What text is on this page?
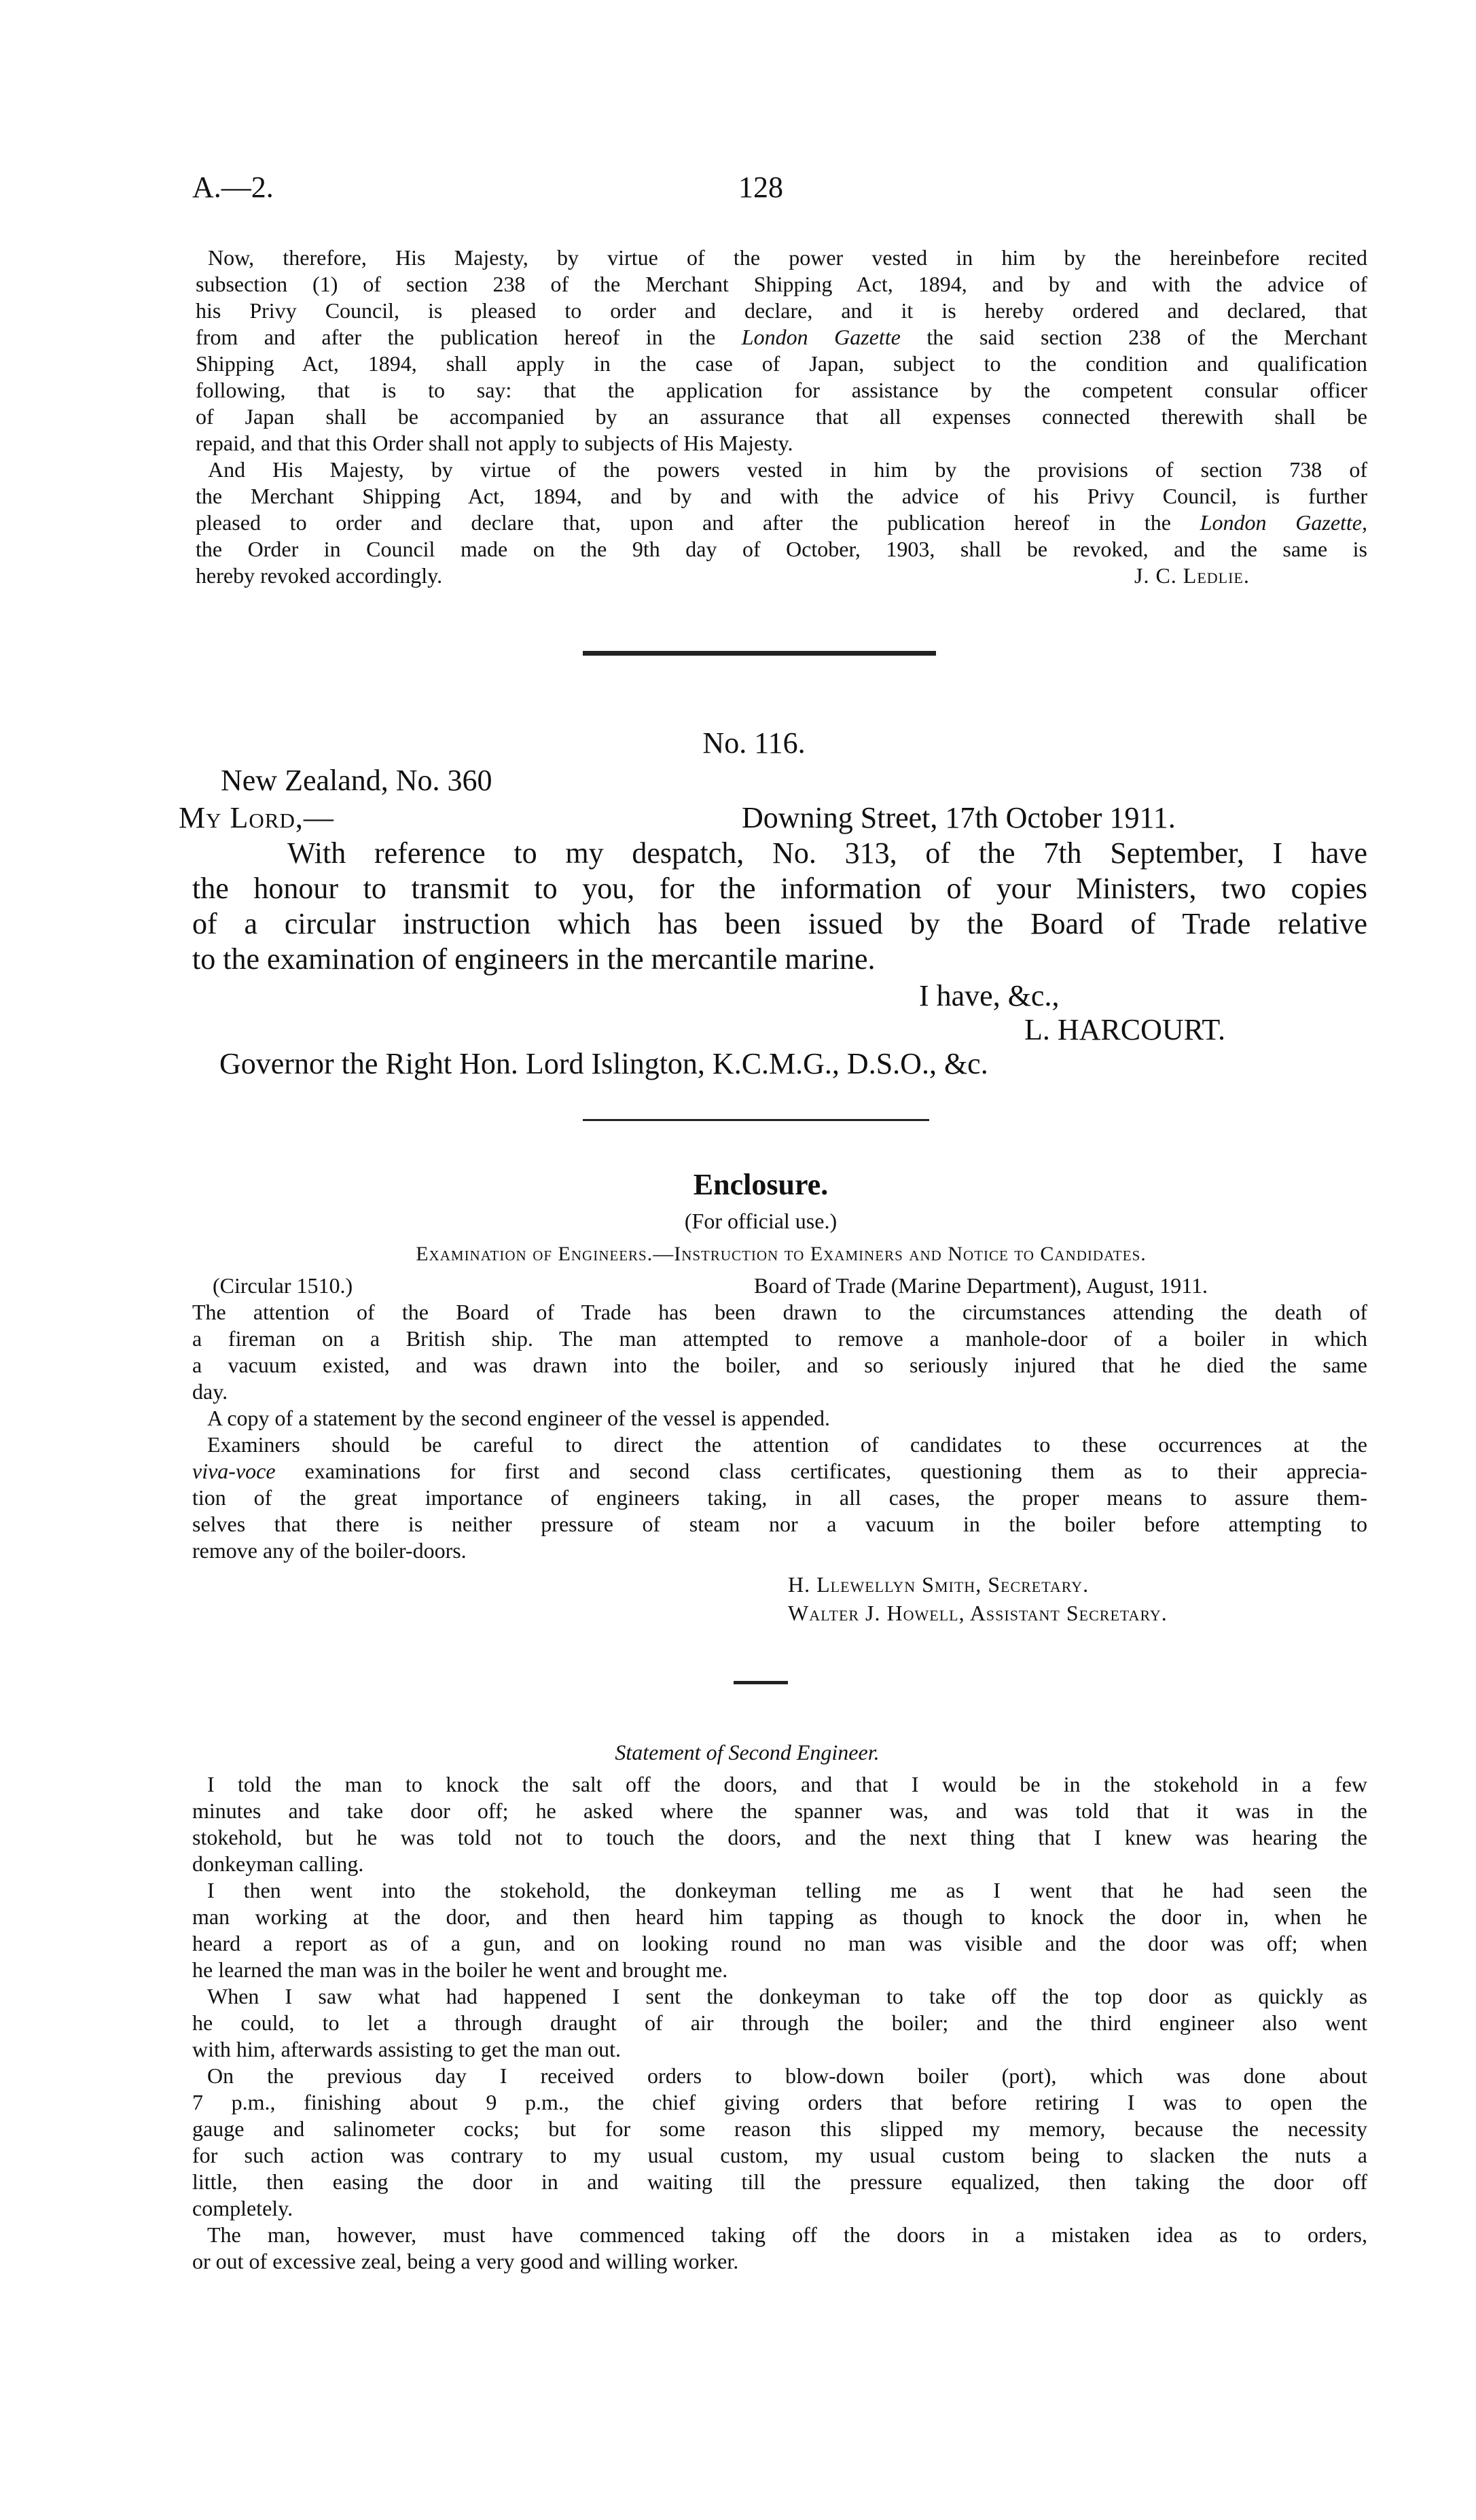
A.—2.	128
Now, therefore, His Majesty, by virtue of the power vested in him by the hereinbefore recited
subsection (1) of section 238 of the Merchant Shipping Act, 1894, and by and with the advice of
his Privy Council, is pleased to order and declare, and it is hereby ordered and declared, that
from and after the publication hereof in the London Gazette the said section 238 of the Merchant
Shipping Act, 1894, shall apply in the case of Japan, subject to the condition and qualification
following, that is to say: that the application for assistance by the competent consular officer
of Japan shall be accompanied by an assurance that all expenses connected therewith shall be
repaid, and that this Order shall not apply to subjects of His Majesty.
And His Majesty, by virtue of the powers vested in him by the provisions of section 738 of
the Merchant Shipping Act, 1894, and by and with the advice of his Privy Council, is further
pleased to order and declare that, upon and after the publication hereof in the London Gazette,
the Order in Council made on the 9th day of October, 1903, shall be revoked, and the same is
hereby revoked accordingly.	J. C. Ledlie.
No. 116.
New Zealand, No. 360
My Lord,—	Downing Street, 17th October 1911.
With reference to my despatch, No. 313, of the 7th September, I have
the honour to transmit to you, for the information of your Ministers, two copies
of a circular instruction which has been issued by the Board of Trade relative
to the examination of engineers in the mercantile marine.
I have, &c.,
L. HARCOURT.
Governor the Right Hon. Lord Islington, K.C.M.G., D.S.O., &c.
Enclosure.
(For official use.)
Examination of Engineers.—Instruction to Examiners and Notice to Candidates.
(Circular 1510.)	Board of Trade (Marine Department), August, 1911.
The attention of the Board of Trade has been drawn to the circumstances attending the death of
a fireman on a British ship. The man attempted to remove a manhole-door of a boiler in which
a vacuum existed, and was drawn into the boiler, and so seriously injured that he died the same
day.
A copy of a statement by the second engineer of the vessel is appended.
Examiners should be careful to direct the attention of candidates to these occurrences at the
viva-voce examinations for first and second class certificates, questioning them as to their apprecia-
tion of the great importance of engineers taking, in all cases, the proper means to assure them-
selves that there is neither pressure of steam nor a vacuum in the boiler before attempting to
remove any of the boiler-doors.
H. Llewellyn Smith, Secretary.
Walter J. Howell, Assistant Secretary.
Statement of Second Engineer.
I told the man to knock the salt off the doors, and that I would be in the stokehold in a few
minutes and take door off; he asked where the spanner was, and was told that it was in the
stokehold, but he was told not to touch the doors, and the next thing that I knew was hearing the
donkeyman calling.
I then went into the stokehold, the donkeyman telling me as I went that he had seen the
man working at the door, and then heard him tapping as though to knock the door in, when he
heard a report as of a gun, and on looking round no man was visible and the door was off; when
he learned the man was in the boiler he went and brought me.
When I saw what had happened I sent the donkeyman to take off the top door as quickly as
he could, to let a through draught of air through the boiler; and the third engineer also went
with him, afterwards assisting to get the man out.
On the previous day I received orders to blow-down boiler (port), which was done about
7 p.m., finishing about 9 p.m., the chief giving orders that before retiring I was to open the
gauge and salinometer cocks; but for some reason this slipped my memory, because the necessity
for such action was contrary to my usual custom, my usual custom being to slacken the nuts a
little, then easing the door in and waiting till the pressure equalized, then taking the door off
completely.
The man, however, must have commenced taking off the doors in a mistaken idea as to orders,
or out of excessive zeal, being a very good and willing worker.
